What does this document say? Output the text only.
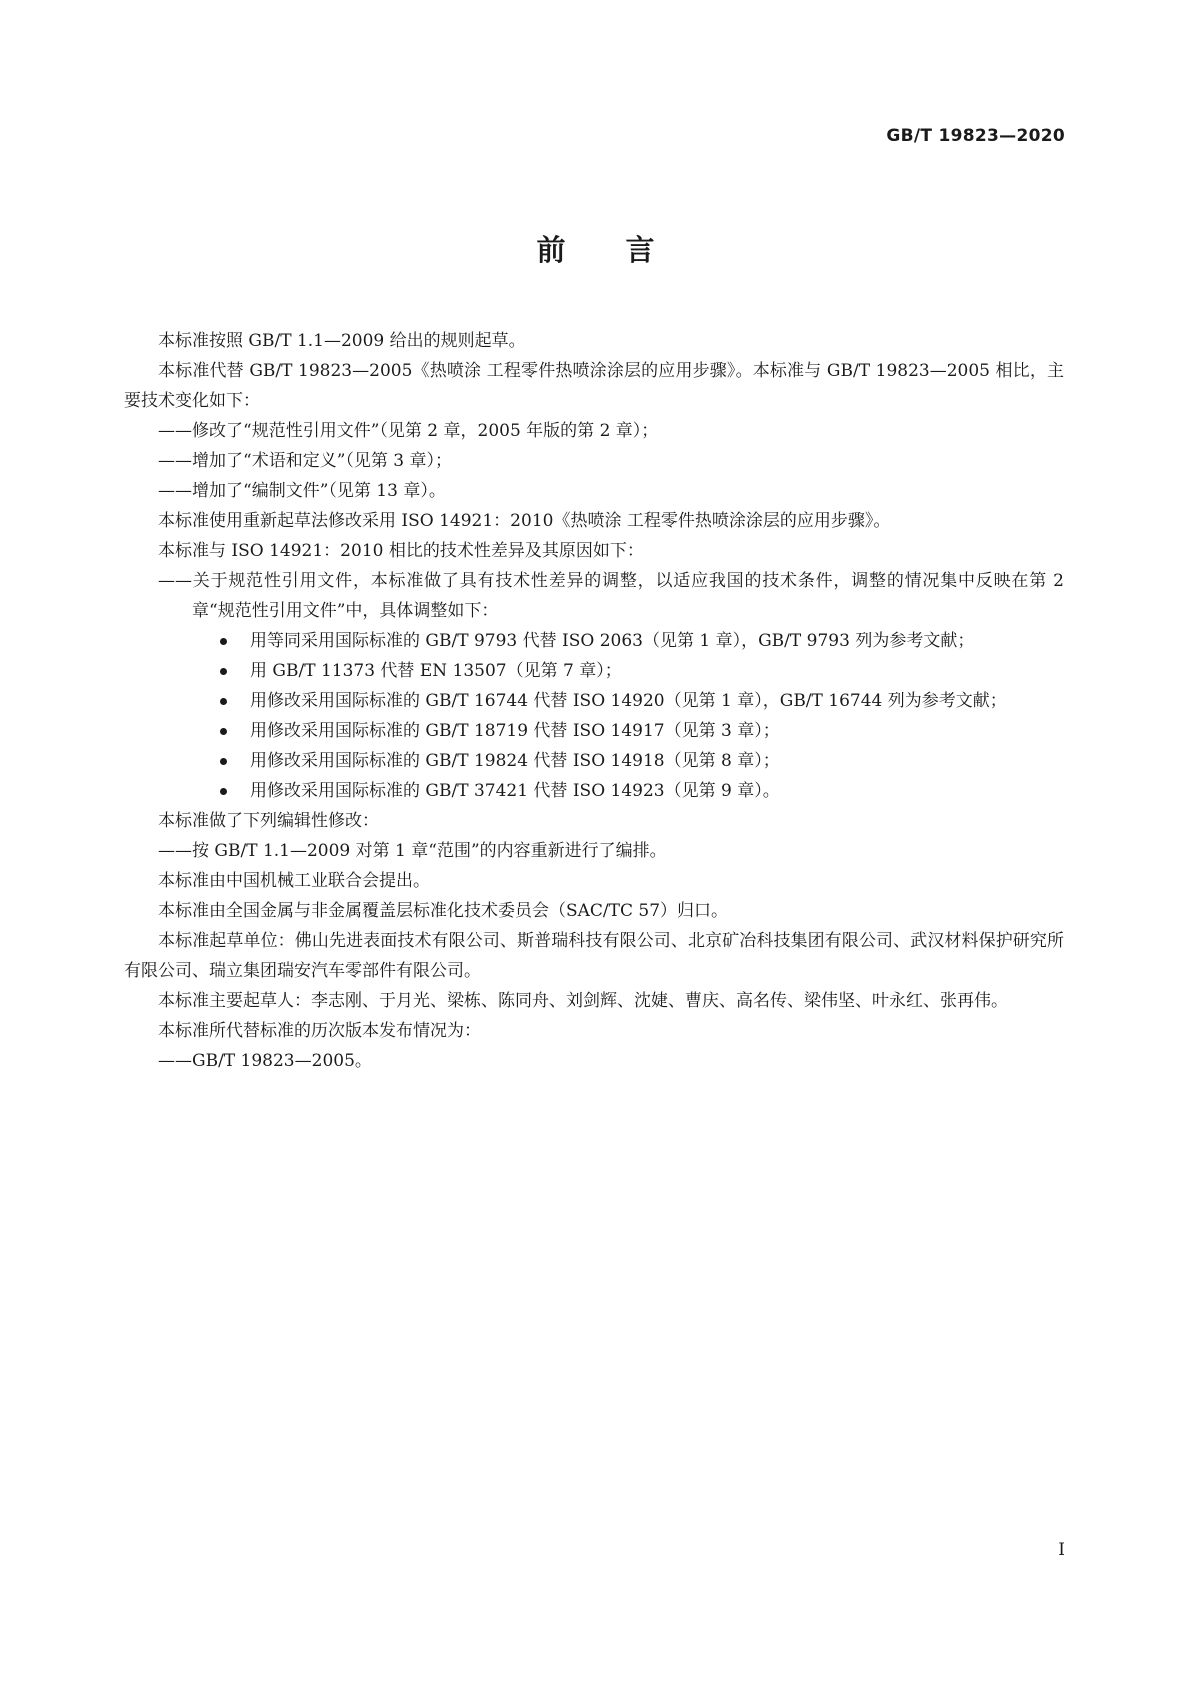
GB/T 19823—2020
前言

本标准按照 GB/T 1.1—2009 给出的规则起草。

本标准代替 GB/T 19823—2005《热喷涂 工程零件热喷涂涂层的应用步骤》。本标准与 GB/T 19823—2005 相比，主要技术变化如下：

——修改了“规范性引用文件”（见第 2 章，2005 年版的第 2 章）；

——增加了“术语和定义”（见第 3 章）；

——增加了“编制文件”（见第 13 章）。

本标准使用重新起草法修改采用 ISO 14921：2010《热喷涂 工程零件热喷涂涂层的应用步骤》。

本标准与 ISO 14921：2010 相比的技术性差异及其原因如下：

——关于规范性引用文件，本标准做了具有技术性差异的调整，以适应我国的技术条件，调整的情况集中反映在第 2 章“规范性引用文件”中，具体调整如下：

用等同采用国际标准的 GB/T 9793 代替 ISO 2063（见第 1 章），GB/T 9793 列为参考文献；
用 GB/T 11373 代替 EN 13507（见第 7 章）；
用修改采用国际标准的 GB/T 16744 代替 ISO 14920（见第 1 章），GB/T 16744 列为参考文献；
用修改采用国际标准的 GB/T 18719 代替 ISO 14917（见第 3 章）；
用修改采用国际标准的 GB/T 19824 代替 ISO 14918（见第 8 章）；
用修改采用国际标准的 GB/T 37421 代替 ISO 14923（见第 9 章）。

本标准做了下列编辑性修改：

——按 GB/T 1.1—2009 对第 1 章“范围”的内容重新进行了编排。

本标准由中国机械工业联合会提出。

本标准由全国金属与非金属覆盖层标准化技术委员会（SAC/TC 57）归口。

本标准起草单位：佛山先进表面技术有限公司、斯普瑞科技有限公司、北京矿冶科技集团有限公司、武汉材料保护研究所有限公司、瑞立集团瑞安汽车零部件有限公司。

本标准主要起草人：李志刚、于月光、梁栋、陈同舟、刘剑辉、沈婕、曹庆、高名传、梁伟坚、叶永红、张再伟。

本标准所代替标准的历次版本发布情况为：

——GB/T 19823—2005。

I
